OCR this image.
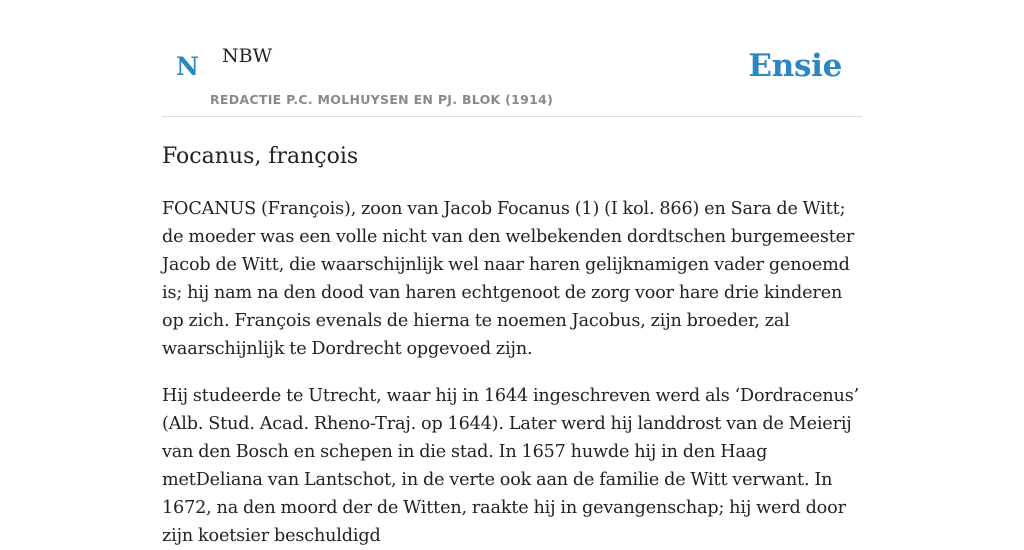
N NBW
REDACTIE P.C. MOLHUYSEN EN PJ. BLOK (1914)
Ensie
Focanus, françois

FOCANUS (François), zoon van Jacob Focanus (1) (I kol. 866) en Sara de Witt; de moeder was een volle nicht van den welbekenden dordtschen burgemeester Jacob de Witt, die waarschijnlijk wel naar haren gelijknamigen vader genoemd is; hij nam na den dood van haren echtgenoot de zorg voor hare drie kinderen op zich. François evenals de hierna te noemen Jacobus, zijn broeder, zal waarschijnlijk te Dordrecht opgevoed zijn.

Hij studeerde te Utrecht, waar hij in 1644 ingeschreven werd als ‘Dordracenus’ (Alb. Stud. Acad. Rheno-Traj. op 1644). Later werd hij landdrost van de Meierij van den Bosch en schepen in die stad. In 1657 huwde hij in den Haag metDeliana van Lantschot, in de verte ook aan de familie de Witt verwant. In 1672, na den moord der de Witten, raakte hij in gevangenschap; hij werd door zijn koetsier beschuldigd
